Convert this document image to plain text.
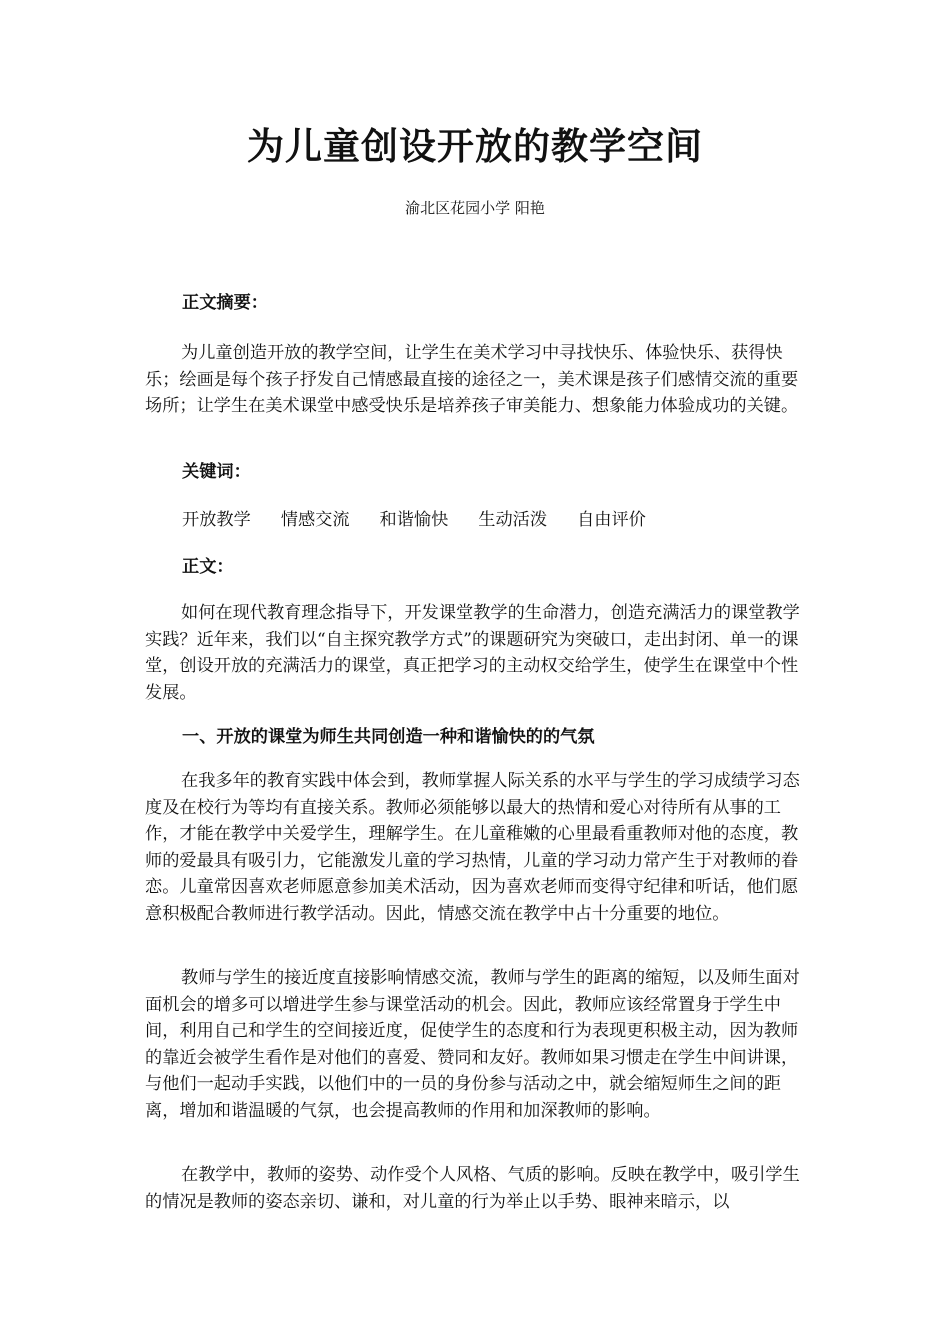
为儿童创设开放的教学空间
渝北区花园小学 阳艳
正文摘要：

为儿童创造开放的教学空间，让学生在美术学习中寻找快乐、体验快乐、获得快乐；绘画是每个孩子抒发自己情感最直接的途径之一，美术课是孩子们感情交流的重要场所；让学生在美术课堂中感受快乐是培养孩子审美能力、想象能力体验成功的关键。

关键词：
开放教学 情感交流 和谐愉快 生动活泼 自由评价
正文：

如何在现代教育理念指导下，开发课堂教学的生命潜力，创造充满活力的课堂教学实践？近年来，我们以“自主探究教学方式”的课题研究为突破口，走出封闭、单一的课堂，创设开放的充满活力的课堂，真正把学习的主动权交给学生，使学生在课堂中个性发展。

一、开放的课堂为师生共同创造一种和谐愉快的的气氛

在我多年的教育实践中体会到，教师掌握人际关系的水平与学生的学习成绩学习态度及在校行为等均有直接关系。教师必须能够以最大的热情和爱心对待所有从事的工作，才能在教学中关爱学生，理解学生。在儿童稚嫩的心里最看重教师对他的态度，教师的爱最具有吸引力，它能激发儿童的学习热情，儿童的学习动力常产生于对教师的眷恋。儿童常因喜欢老师愿意参加美术活动，因为喜欢老师而变得守纪律和听话，他们愿意积极配合教师进行教学活动。因此，情感交流在教学中占十分重要的地位。

教师与学生的接近度直接影响情感交流，教师与学生的距离的缩短，以及师生面对面机会的增多可以增进学生参与课堂活动的机会。因此，教师应该经常置身于学生中间，利用自己和学生的空间接近度，促使学生的态度和行为表现更积极主动，因为教师的靠近会被学生看作是对他们的喜爱、赞同和友好。教师如果习惯走在学生中间讲课，与他们一起动手实践，以他们中的一员的身份参与活动之中，就会缩短师生之间的距离，增加和谐温暖的气氛，也会提高教师的作用和加深教师的影响。

在教学中，教师的姿势、动作受个人风格、气质的影响。反映在教学中，吸引学生的情况是教师的姿态亲切、谦和，对儿童的行为举止以手势、眼神来暗示，以
